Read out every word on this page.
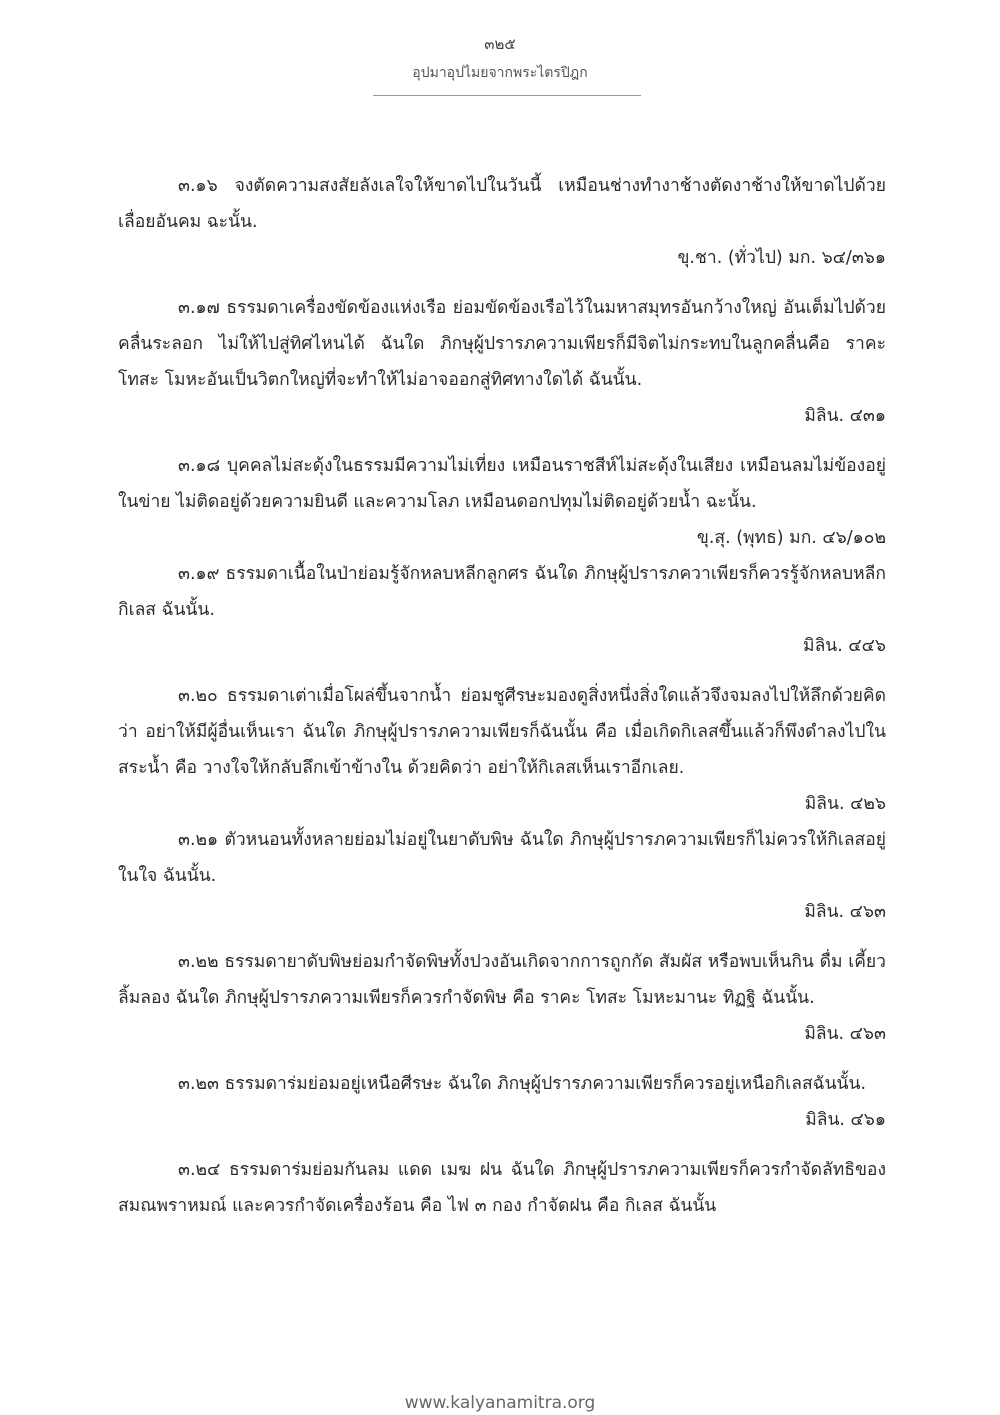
๓๒๕
อุปมาอุปไมยจากพระไตรปิฎก

๓.๑๖ จงตัดความสงสัยลังเลใจให้ขาดไปในวันนี้ เหมือนช่างทำงาช้างตัดงาช้างให้ขาดไปด้วยเลื่อยอันคม ฉะนั้น.

ขุ.ชา. (ทั่วไป) มก. ๖๔/๓๖๑

๓.๑๗ ธรรมดาเครื่องขัดข้องแห่งเรือ ย่อมขัดข้องเรือไว้ในมหาสมุทรอันกว้างใหญ่ อันเต็มไปด้วยคลื่นระลอก ไม่ให้ไปสู่ทิศไหนได้ ฉันใด ภิกษุผู้ปรารภความเพียรก็มีจิตไม่กระทบในลูกคลื่นคือ ราคะ โทสะ โมหะอันเป็นวิตกใหญ่ที่จะทำให้ไม่อาจออกสู่ทิศทางใดได้ ฉันนั้น.

มิลิน. ๔๓๑

๓.๑๘ บุคคลไม่สะดุ้งในธรรมมีความไม่เที่ยง เหมือนราชสีห์ไม่สะดุ้งในเสียง เหมือนลมไม่ข้องอยู่ในข่าย ไม่ติดอยู่ด้วยความยินดี และความโลภ เหมือนดอกปทุมไม่ติดอยู่ด้วยน้ำ ฉะนั้น.

ขุ.สุ. (พุทธ) มก. ๔๖/๑๐๒

๓.๑๙ ธรรมดาเนื้อในป่าย่อมรู้จักหลบหลีกลูกศร ฉันใด ภิกษุผู้ปรารภควาเพียรก็ควรรู้จักหลบหลีกกิเลส ฉันนั้น.

มิลิน. ๔๔๖

๓.๒๐ ธรรมดาเต่าเมื่อโผล่ขึ้นจากน้ำ ย่อมชูศีรษะมองดูสิ่งหนึ่งสิ่งใดแล้วจึงจมลงไปให้ลึกด้วยคิดว่า อย่าให้มีผู้อื่นเห็นเรา ฉันใด ภิกษุผู้ปรารภความเพียรก็ฉันนั้น คือ เมื่อเกิดกิเลสขึ้นแล้วก็พึงดำลงไปในสระน้ำ คือ วางใจให้กลับลึกเข้าข้างใน ด้วยคิดว่า อย่าให้กิเลสเห็นเราอีกเลย.

มิลิน. ๔๒๖

๓.๒๑ ตัวหนอนทั้งหลายย่อมไม่อยู่ในยาดับพิษ ฉันใด ภิกษุผู้ปรารภความเพียรก็ไม่ควรให้กิเลสอยู่ในใจ ฉันนั้น.

มิลิน. ๔๖๓

๓.๒๒ ธรรมดายาดับพิษย่อมกำจัดพิษทั้งปวงอันเกิดจากการถูกกัด สัมผัส หรือพบเห็นกิน ดื่ม เคี้ยว ลิ้มลอง ฉันใด ภิกษุผู้ปรารภความเพียรก็ควรกำจัดพิษ คือ ราคะ โทสะ โมหะมานะ ทิฏฐิ ฉันนั้น.

มิลิน. ๔๖๓

๓.๒๓ ธรรมดาร่มย่อมอยู่เหนือศีรษะ ฉันใด ภิกษุผู้ปรารภความเพียรก็ควรอยู่เหนือกิเลสฉันนั้น.

มิลิน. ๔๖๑

๓.๒๔ ธรรมดาร่มย่อมกันลม แดด เมฆ ฝน ฉันใด ภิกษุผู้ปรารภความเพียรก็ควรกำจัดลัทธิของสมณพราหมณ์ และควรกำจัดเครื่องร้อน คือ ไฟ ๓ กอง กำจัดฝน คือ กิเลส ฉันนั้น

www.kalyanamitra.org
